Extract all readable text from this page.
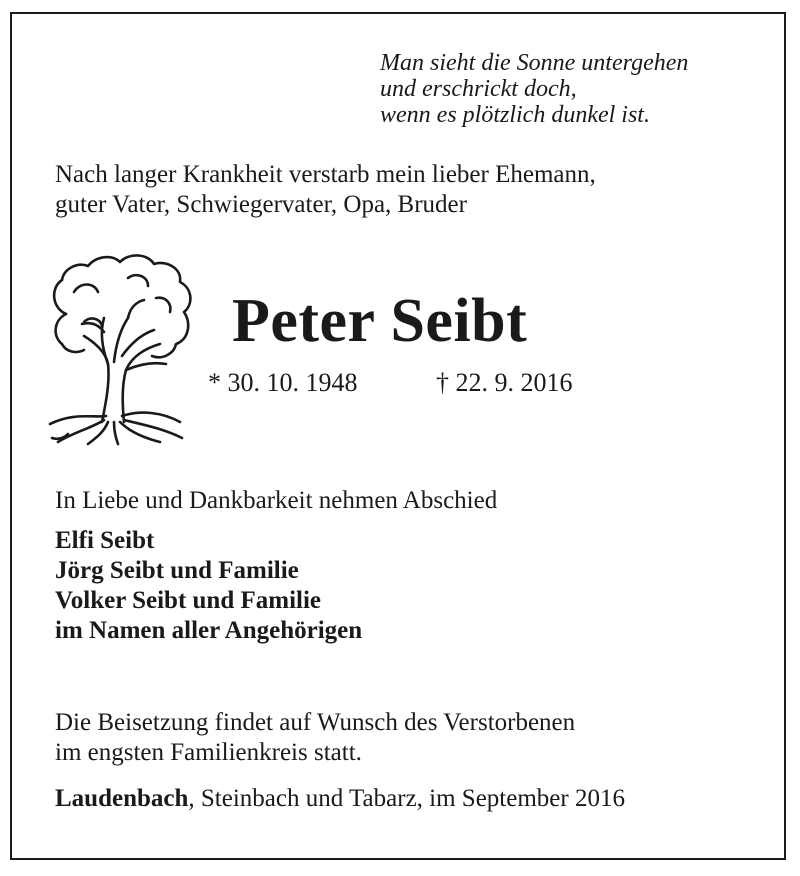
Man sieht die Sonne untergehen
und erschrickt doch,
wenn es plötzlich dunkel ist.
Nach langer Krankheit verstarb mein lieber Ehemann,
guter Vater, Schwiegervater, Opa, Bruder
Peter Seibt
* 30. 10. 1948	† 22. 9. 2016
In Liebe und Dankbarkeit nehmen Abschied
Elfi Seibt
Jörg Seibt und Familie
Volker Seibt und Familie
im Namen aller Angehörigen
Die Beisetzung findet auf Wunsch des Verstorbenen
im engsten Familienkreis statt.
Laudenbach, Steinbach und Tabarz, im September 2016
